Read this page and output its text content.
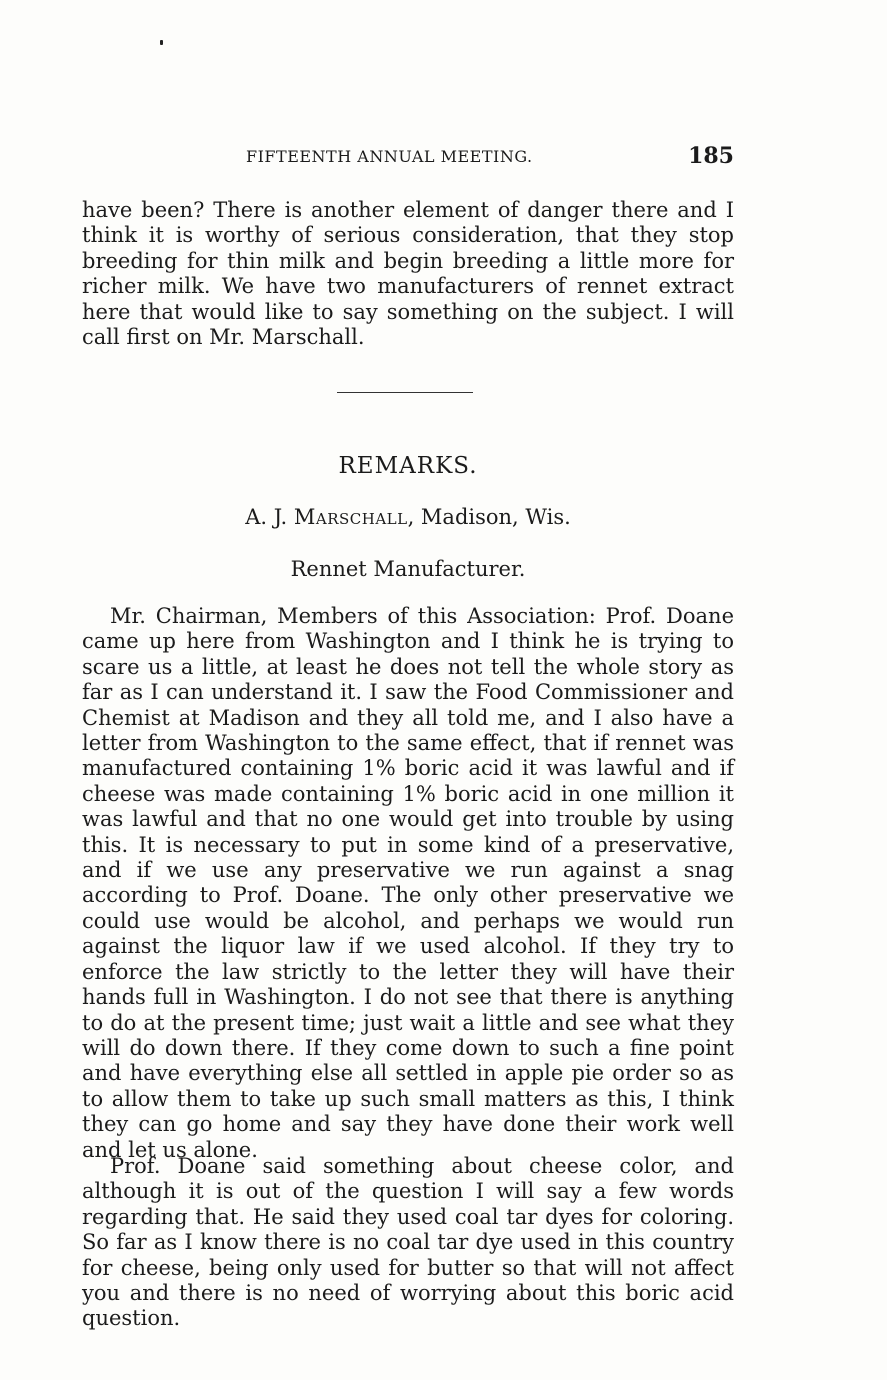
FIFTEENTH ANNUAL MEETING.	185

have been? There is another element of danger there and I think it is worthy of serious consideration, that they stop breeding for thin milk and begin breeding a little more for richer milk. We have two manufacturers of rennet extract here that would like to say something on the subject. I will call first on Mr. Marschall.

REMARKS.
A. J. Marschall, Madison, Wis.
Rennet Manufacturer.

Mr. Chairman, Members of this Association: Prof. Doane came up here from Washington and I think he is trying to scare us a little, at least he does not tell the whole story as far as I can understand it. I saw the Food Commissioner and Chemist at Madison and they all told me, and I also have a letter from Washington to the same effect, that if rennet was manufactured containing 1% boric acid it was lawful and if cheese was made containing 1% boric acid in one million it was lawful and that no one would get into trouble by using this. It is necessary to put in some kind of a preservative, and if we use any preservative we run against a snag according to Prof. Doane. The only other preservative we could use would be alcohol, and perhaps we would run against the liquor law if we used alcohol. If they try to enforce the law strictly to the letter they will have their hands full in Washington. I do not see that there is anything to do at the present time; just wait a little and see what they will do down there. If they come down to such a fine point and have everything else all settled in apple pie order so as to allow them to take up such small matters as this, I think they can go home and say they have done their work well and let us alone.

Prof. Doane said something about cheese color, and although it is out of the question I will say a few words regarding that. He said they used coal tar dyes for coloring. So far as I know there is no coal tar dye used in this country for cheese, being only used for butter so that will not affect you and there is no need of worrying about this boric acid question.
